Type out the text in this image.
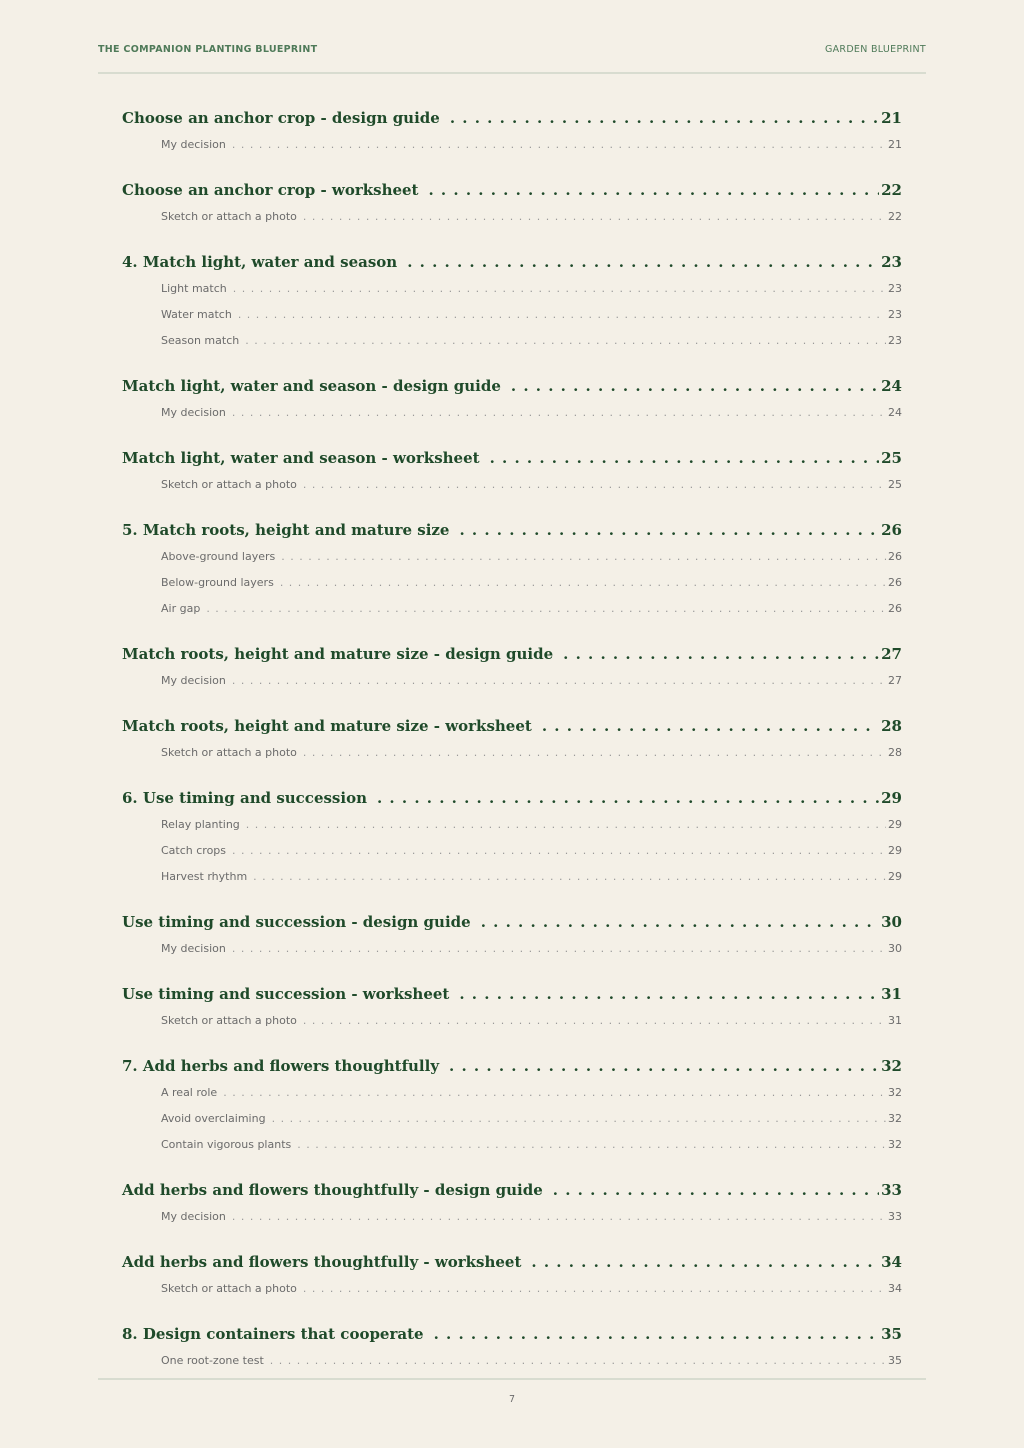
THE COMPANION PLANTING BLUEPRINT	GARDEN BLUEPRINT
Choose an anchor crop - design guide . . .	21
My decision . . .	21
Choose an anchor crop - worksheet . . .	22
Sketch or attach a photo . . .	22
4. Match light, water and season . . .	23
Light match . . .	23
Water match . . .	23
Season match . . .	23
Match light, water and season - design guide . . .	24
My decision . . .	24
Match light, water and season - worksheet . . .	25
Sketch or attach a photo . . .	25
5. Match roots, height and mature size . . .	26
Above-ground layers . . .	26
Below-ground layers . . .	26
Air gap . . .	26
Match roots, height and mature size - design guide . . .	27
My decision . . .	27
Match roots, height and mature size - worksheet . . .	28
Sketch or attach a photo . . .	28
6. Use timing and succession . . .	29
Relay planting . . .	29
Catch crops . . .	29
Harvest rhythm . . .	29
Use timing and succession - design guide . . .	30
My decision . . .	30
Use timing and succession - worksheet . . .	31
Sketch or attach a photo . . .	31
7. Add herbs and flowers thoughtfully . . .	32
A real role . . .	32
Avoid overclaiming . . .	32
Contain vigorous plants . . .	32
Add herbs and flowers thoughtfully - design guide . . .	33
My decision . . .	33
Add herbs and flowers thoughtfully - worksheet . . .	34
Sketch or attach a photo . . .	34
8. Design containers that cooperate . . .	35
One root-zone test . . .	35
7
